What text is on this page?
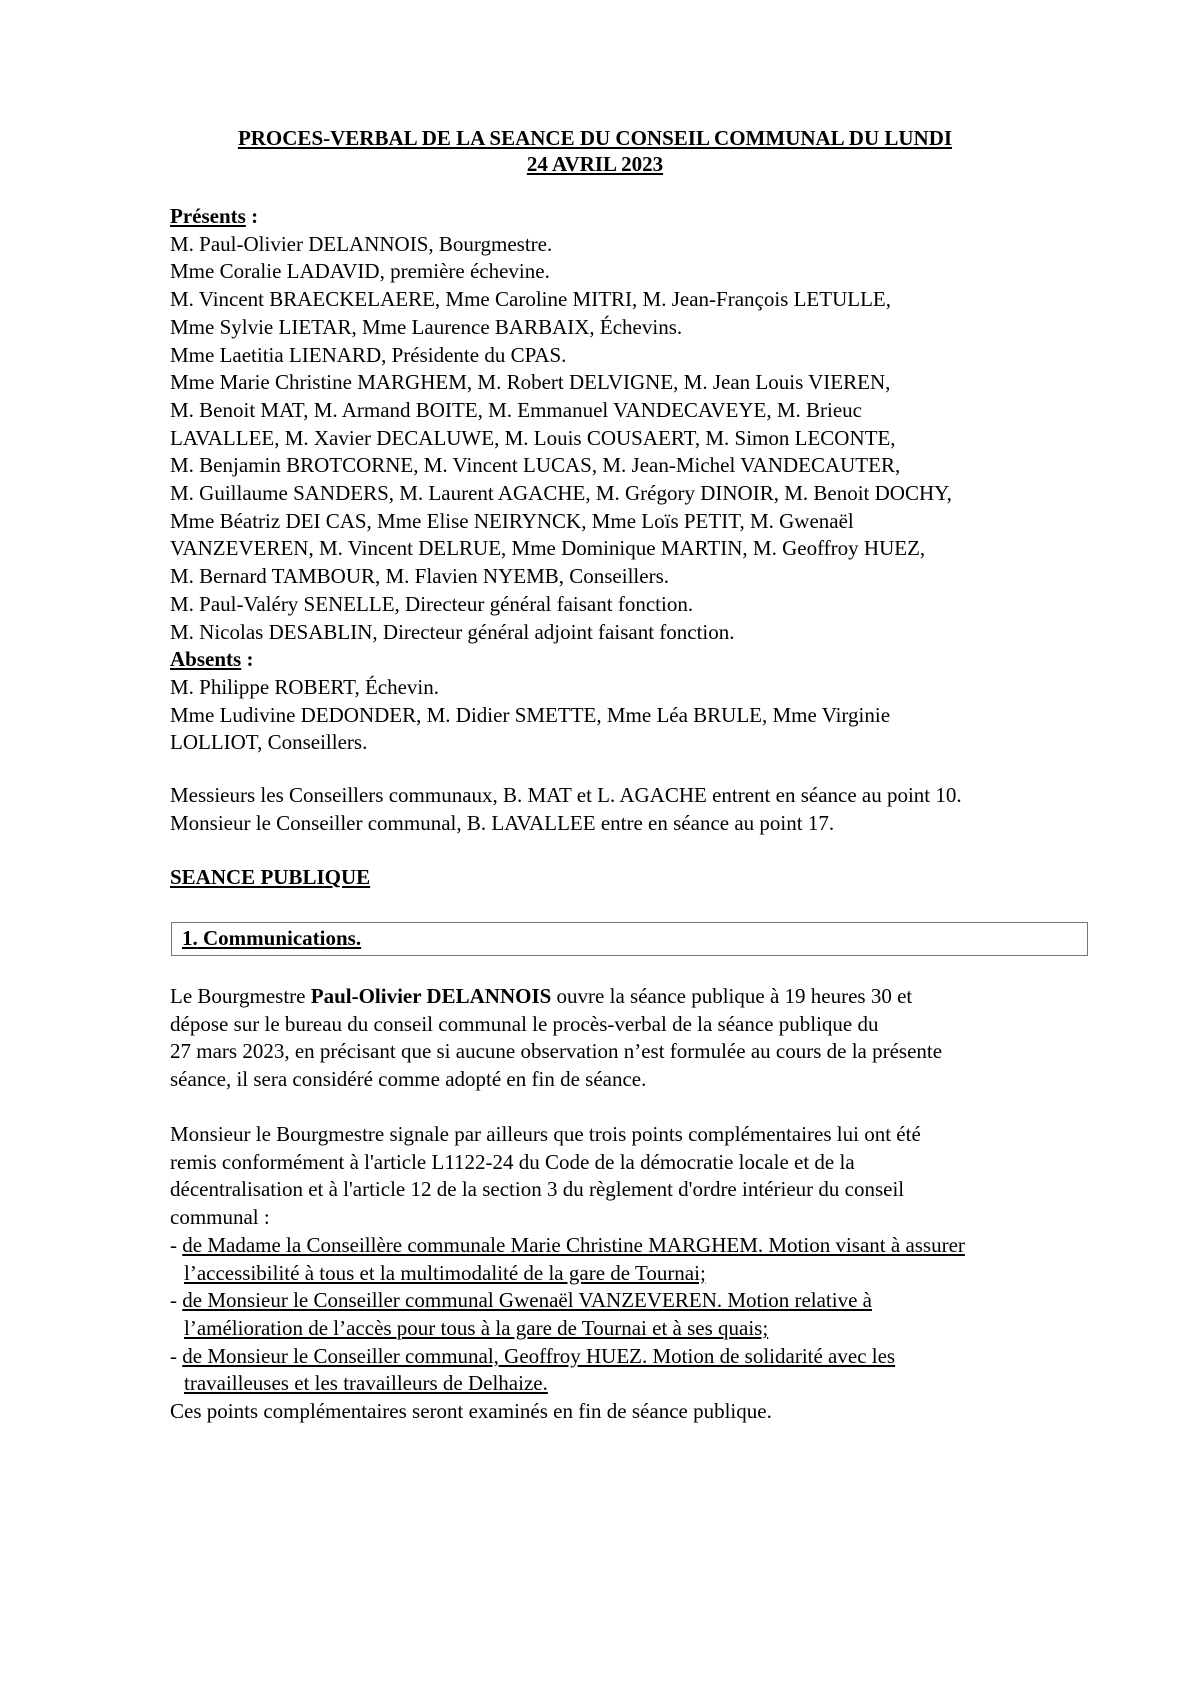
PROCES-VERBAL DE LA SEANCE DU CONSEIL COMMUNAL DU LUNDI
24 AVRIL 2023

Présents :

M. Paul-Olivier DELANNOIS, Bourgmestre.

Mme Coralie LADAVID, première échevine.

M. Vincent BRAECKELAERE, Mme Caroline MITRI, M. Jean-François LETULLE,

Mme Sylvie LIETAR, Mme Laurence BARBAIX, Échevins.

Mme Laetitia LIENARD, Présidente du CPAS.

Mme Marie Christine MARGHEM, M. Robert DELVIGNE, M. Jean Louis VIEREN,

M. Benoit MAT, M. Armand BOITE, M. Emmanuel VANDECAVEYE, M. Brieuc

LAVALLEE, M. Xavier DECALUWE, M. Louis COUSAERT, M. Simon LECONTE,

M. Benjamin BROTCORNE, M. Vincent LUCAS, M. Jean-Michel VANDECAUTER,

M. Guillaume SANDERS, M. Laurent AGACHE, M. Grégory DINOIR, M. Benoit DOCHY,

Mme Béatriz DEI CAS, Mme Elise NEIRYNCK, Mme Loïs PETIT, M. Gwenaël

VANZEVEREN, M. Vincent DELRUE, Mme Dominique MARTIN, M. Geoffroy HUEZ,

M. Bernard TAMBOUR, M. Flavien NYEMB, Conseillers.

M. Paul-Valéry SENELLE, Directeur général faisant fonction.

M. Nicolas DESABLIN, Directeur général adjoint faisant fonction.

Absents :

M. Philippe ROBERT, Échevin.

Mme Ludivine DEDONDER, M. Didier SMETTE, Mme Léa BRULE, Mme Virginie

LOLLIOT, Conseillers.

Messieurs les Conseillers communaux, B. MAT et L. AGACHE entrent en séance au point 10.

Monsieur le Conseiller communal, B. LAVALLEE entre en séance au point 17.

SEANCE PUBLIQUE

1. Communications.

Le Bourgmestre Paul-Olivier DELANNOIS ouvre la séance publique à 19 heures 30 et

dépose sur le bureau du conseil communal le procès-verbal de la séance publique du

27 mars 2023, en précisant que si aucune observation n’est formulée au cours de la présente

séance, il sera considéré comme adopté en fin de séance.

Monsieur le Bourgmestre signale par ailleurs que trois points complémentaires lui ont été

remis conformément à l'article L1122-24 du Code de la démocratie locale et de la

décentralisation et à l'article 12 de la section 3 du règlement d'ordre intérieur du conseil

communal :

- de Madame la Conseillère communale Marie Christine MARGHEM. Motion visant à assurer

l’accessibilité à tous et la multimodalité de la gare de Tournai;

- de Monsieur le Conseiller communal Gwenaël VANZEVEREN. Motion relative à

l’amélioration de l’accès pour tous à la gare de Tournai et à ses quais;

- de Monsieur le Conseiller communal, Geoffroy HUEZ. Motion de solidarité avec les

travailleuses et les travailleurs de Delhaize.

Ces points complémentaires seront examinés en fin de séance publique.
